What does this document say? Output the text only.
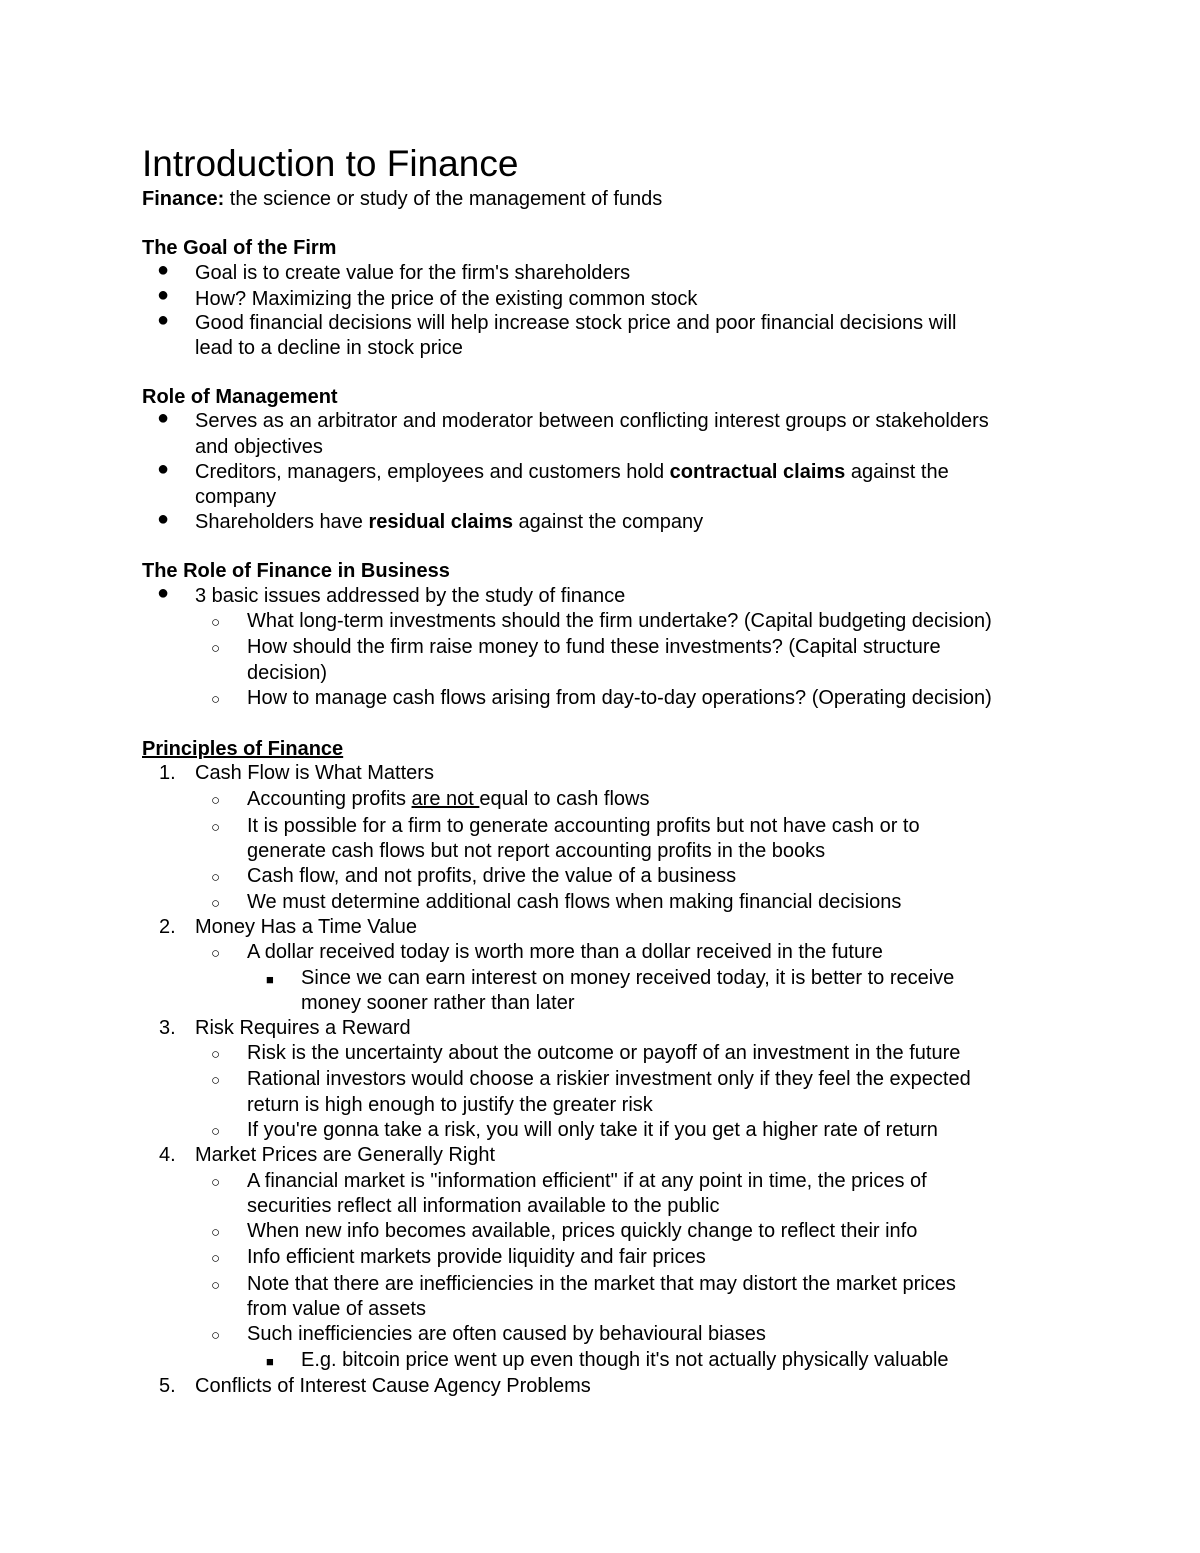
Introduction to Finance
Finance: the science or study of the management of funds
The Goal of the Firm
● Goal is to create value for the firm's shareholders
● How? Maximizing the price of the existing common stock
● Good financial decisions will help increase stock price and poor financial decisions will
lead to a decline in stock price
Role of Management
● Serves as an arbitrator and moderator between conflicting interest groups or stakeholders
and objectives
● Creditors, managers, employees and customers hold contractual claims against the
company
● Shareholders have residual claims against the company
The Role of Finance in Business
● 3 basic issues addressed by the study of finance
○ What long-term investments should the firm undertake? (Capital budgeting decision)
○ How should the firm raise money to fund these investments? (Capital structure
decision)
○ How to manage cash flows arising from day-to-day operations? (Operating decision)
Principles of Finance
1. Cash Flow is What Matters
○ Accounting profits are not equal to cash flows
○ It is possible for a firm to generate accounting profits but not have cash or to
generate cash flows but not report accounting profits in the books
○ Cash flow, and not profits, drive the value of a business
○ We must determine additional cash flows when making financial decisions
2. Money Has a Time Value
○ A dollar received today is worth more than a dollar received in the future
■ Since we can earn interest on money received today, it is better to receive
money sooner rather than later
3. Risk Requires a Reward
○ Risk is the uncertainty about the outcome or payoff of an investment in the future
○ Rational investors would choose a riskier investment only if they feel the expected
return is high enough to justify the greater risk
○ If you're gonna take a risk, you will only take it if you get a higher rate of return
4. Market Prices are Generally Right
○ A financial market is "information efficient" if at any point in time, the prices of
securities reflect all information available to the public
○ When new info becomes available, prices quickly change to reflect their info
○ Info efficient markets provide liquidity and fair prices
○ Note that there are inefficiencies in the market that may distort the market prices
from value of assets
○ Such inefficiencies are often caused by behavioural biases
■ E.g. bitcoin price went up even though it's not actually physically valuable
5. Conflicts of Interest Cause Agency Problems
